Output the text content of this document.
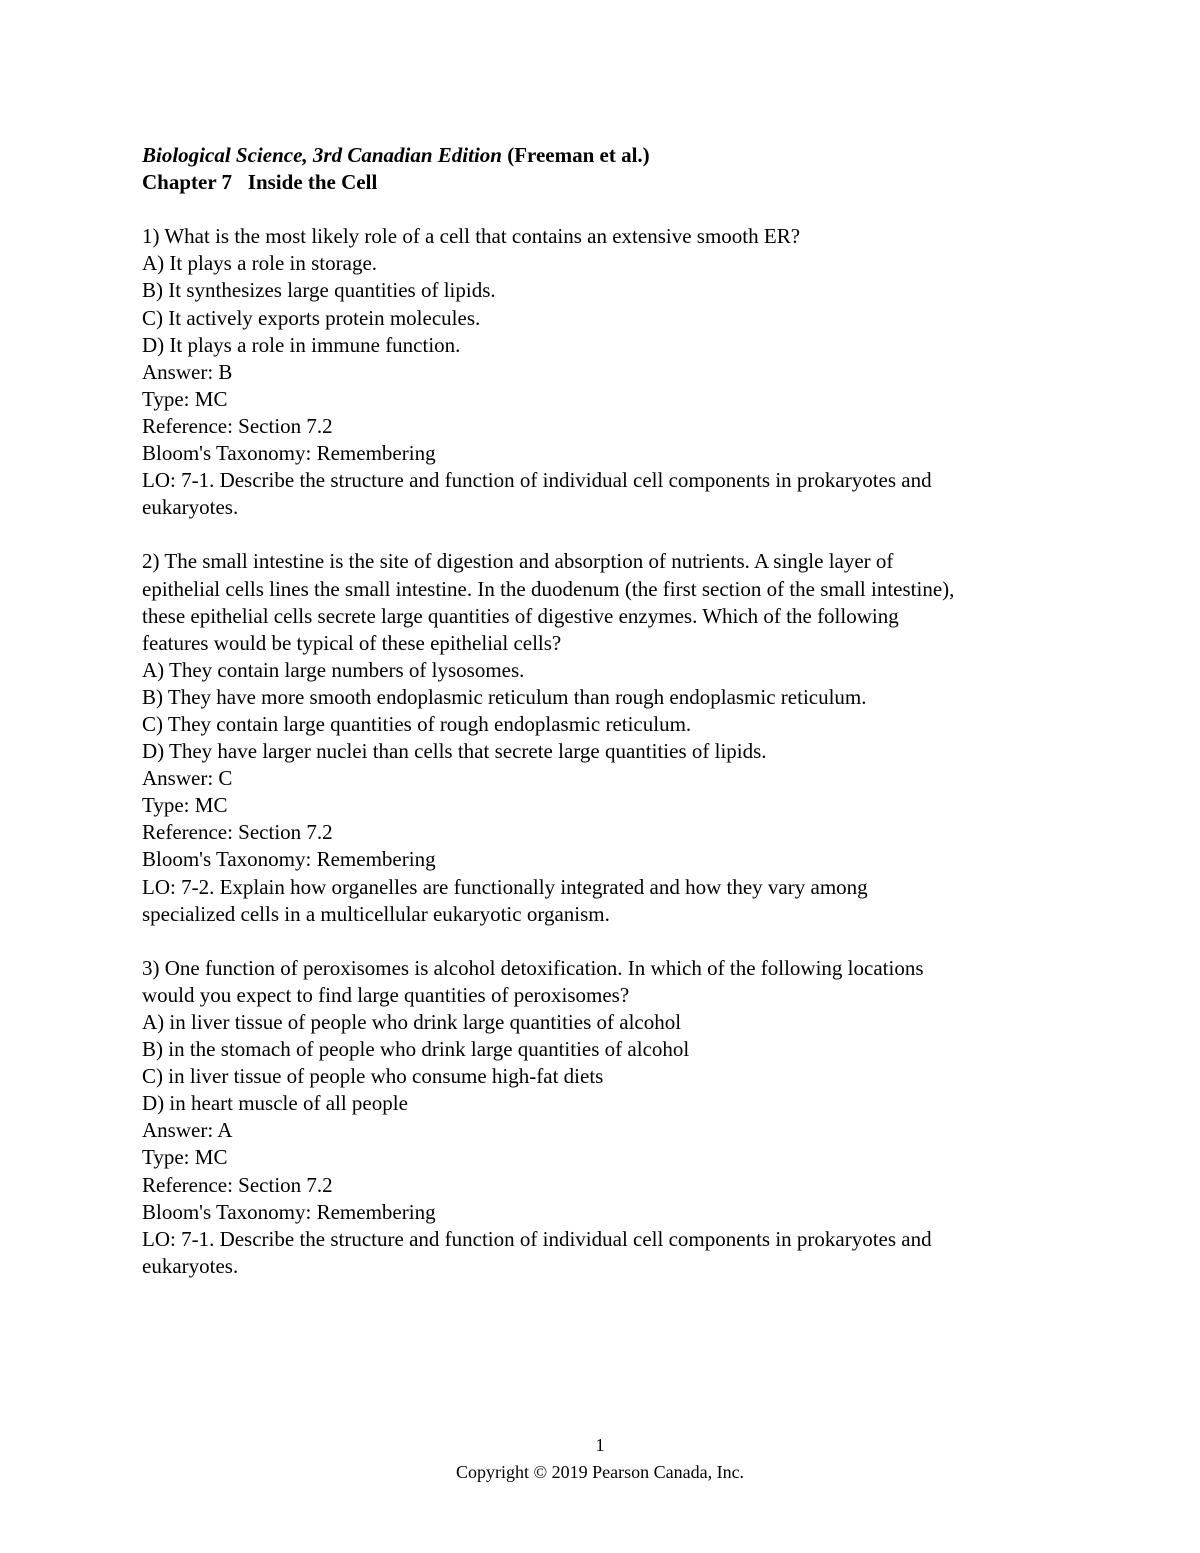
Biological Science, 3rd Canadian Edition (Freeman et al.)
Chapter 7 Inside the Cell
1) What is the most likely role of a cell that contains an extensive smooth ER?
A) It plays a role in storage.
B) It synthesizes large quantities of lipids.
C) It actively exports protein molecules.
D) It plays a role in immune function.
Answer: B
Type: MC
Reference: Section 7.2
Bloom's Taxonomy: Remembering
LO: 7-1. Describe the structure and function of individual cell components in prokaryotes and
eukaryotes.
2) The small intestine is the site of digestion and absorption of nutrients. A single layer of
epithelial cells lines the small intestine. In the duodenum (the first section of the small intestine),
these epithelial cells secrete large quantities of digestive enzymes. Which of the following
features would be typical of these epithelial cells?
A) They contain large numbers of lysosomes.
B) They have more smooth endoplasmic reticulum than rough endoplasmic reticulum.
C) They contain large quantities of rough endoplasmic reticulum.
D) They have larger nuclei than cells that secrete large quantities of lipids.
Answer: C
Type: MC
Reference: Section 7.2
Bloom's Taxonomy: Remembering
LO: 7-2. Explain how organelles are functionally integrated and how they vary among
specialized cells in a multicellular eukaryotic organism.
3) One function of peroxisomes is alcohol detoxification. In which of the following locations
would you expect to find large quantities of peroxisomes?
A) in liver tissue of people who drink large quantities of alcohol
B) in the stomach of people who drink large quantities of alcohol
C) in liver tissue of people who consume high-fat diets
D) in heart muscle of all people
Answer: A
Type: MC
Reference: Section 7.2
Bloom's Taxonomy: Remembering
LO: 7-1. Describe the structure and function of individual cell components in prokaryotes and
eukaryotes.
1
Copyright © 2019 Pearson Canada, Inc.
